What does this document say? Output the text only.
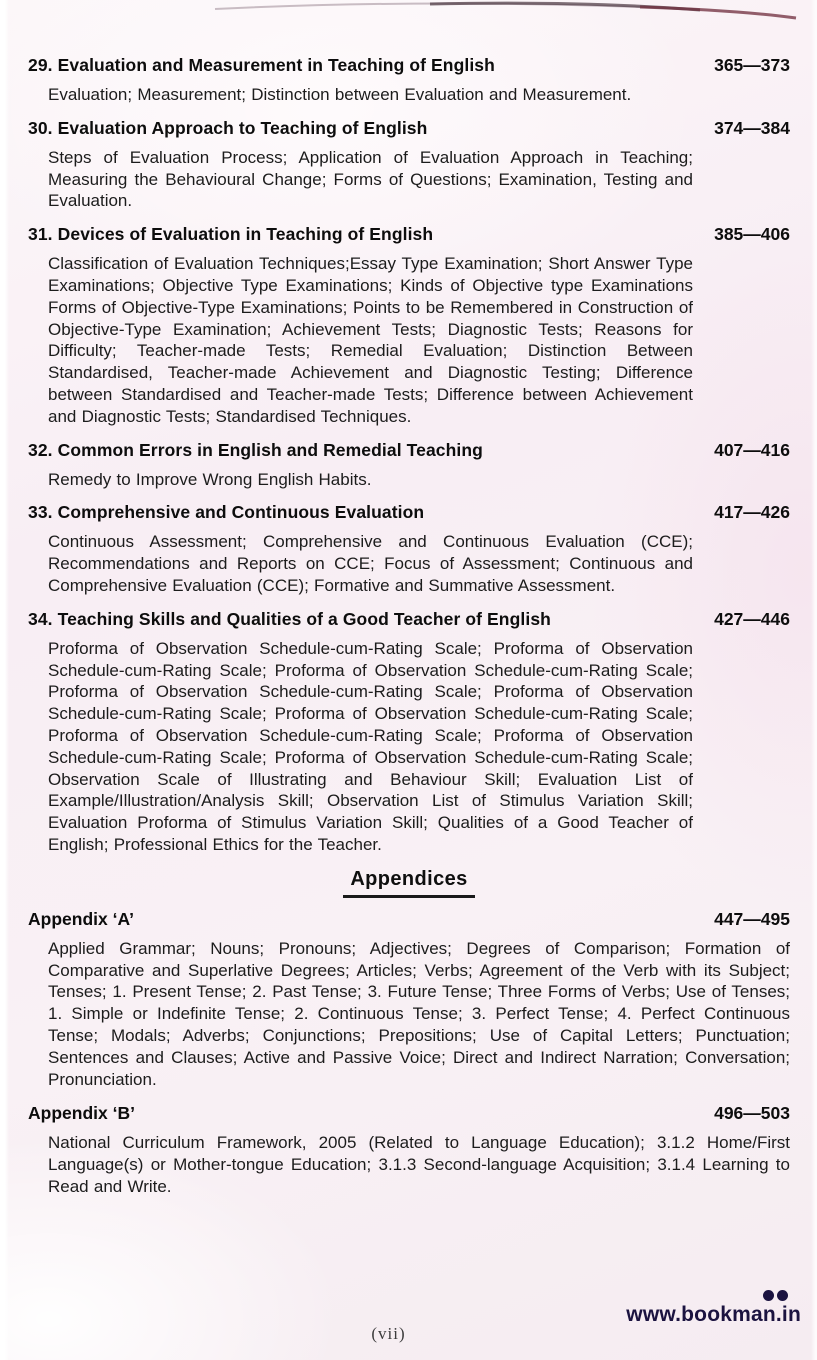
29. Evaluation and Measurement in Teaching of English	365—373

Evaluation; Measurement; Distinction between Evaluation and Measurement.

30. Evaluation Approach to Teaching of English	374—384

Steps of Evaluation Process; Application of Evaluation Approach in Teaching; Measuring the Behavioural Change; Forms of Questions; Examination, Testing and Evaluation.

31. Devices of Evaluation in Teaching of English	385—406

Classification of Evaluation Techniques;Essay Type Examination; Short Answer Type Examinations; Objective Type Examinations; Kinds of Objective type Examinations Forms of Objective-Type Examinations; Points to be Remembered in Construction of Objective-Type Examination; Achievement Tests; Diagnostic Tests; Reasons for Difficulty; Teacher-made Tests; Remedial Evaluation; Distinction Between Standardised, Teacher-made Achievement and Diagnostic Testing; Difference between Standardised and Teacher-made Tests; Difference between Achievement and Diagnostic Tests; Standardised Techniques.

32. Common Errors in English and Remedial Teaching	407—416

Remedy to Improve Wrong English Habits.

33. Comprehensive and Continuous Evaluation	417—426

Continuous Assessment; Comprehensive and Continuous Evaluation (CCE); Recommendations and Reports on CCE; Focus of Assessment; Continuous and Comprehensive Evaluation (CCE); Formative and Summative Assessment.

34. Teaching Skills and Qualities of a Good Teacher of English	427—446

Proforma of Observation Schedule-cum-Rating Scale; Proforma of Observation Schedule-cum-Rating Scale; Proforma of Observation Schedule-cum-Rating Scale; Proforma of Observation Schedule-cum-Rating Scale; Proforma of Observation Schedule-cum-Rating Scale; Proforma of Observation Schedule-cum-Rating Scale; Proforma of Observation Schedule-cum-Rating Scale; Proforma of Observation Schedule-cum-Rating Scale; Proforma of Observation Schedule-cum-Rating Scale; Observation Scale of Illustrating and Behaviour Skill; Evaluation List of Example/Illustration/Analysis Skill; Observation List of Stimulus Variation Skill; Evaluation Proforma of Stimulus Variation Skill; Qualities of a Good Teacher of English; Professional Ethics for the Teacher.

Appendices
Appendix ‘A’	447—495

Applied Grammar; Nouns; Pronouns; Adjectives; Degrees of Comparison; Formation of Comparative and Superlative Degrees; Articles; Verbs; Agreement of the Verb with its Subject; Tenses; 1. Present Tense; 2. Past Tense; 3. Future Tense; Three Forms of Verbs; Use of Tenses; 1. Simple or Indefinite Tense; 2. Continuous Tense; 3. Perfect Tense; 4. Perfect Continuous Tense; Modals; Adverbs; Conjunctions; Prepositions; Use of Capital Letters; Punctuation; Sentences and Clauses; Active and Passive Voice; Direct and Indirect Narration; Conversation; Pronunciation.

Appendix ‘B’	496—503

National Curriculum Framework, 2005 (Related to Language Education); 3.1.2 Home/First Language(s) or Mother-tongue Education; 3.1.3 Second-language Acquisition; 3.1.4 Learning to Read and Write.

(vii)
www.bookman.in
